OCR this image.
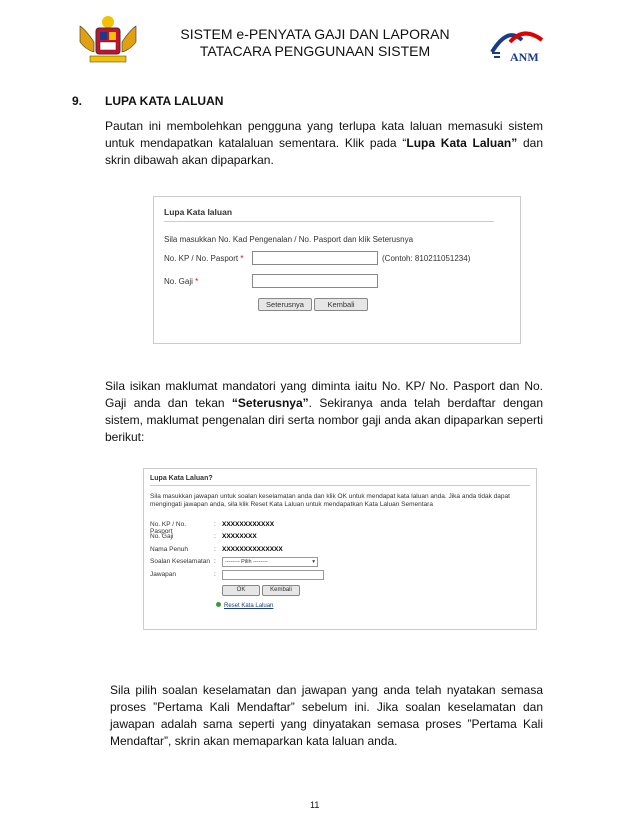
SISTEM e-PENYATA GAJI DAN LAPORAN
TATACARA PENGGUNAAN SISTEM	ANM
9. LUPA KATA LALUAN
Pautan ini membolehkan pengguna yang terlupa kata laluan memasuki sistem untuk mendapatkan katalaluan sementara. Klik pada “Lupa Kata Laluan” dan skrin dibawah akan dipaparkan.
Lupa Kata laluan
Sila masukkan No. Kad Pengenalan / No. Pasport dan klik Seterusnya
No. KP / No. Pasport *	(Contoh: 810211051234)
No. Gaji *
Seterusnya	Kembali
Sila isikan maklumat mandatori yang diminta iaitu No. KP/ No. Pasport dan No. Gaji anda dan tekan “Seterusnya”. Sekiranya anda telah berdaftar dengan sistem, maklumat pengenalan diri serta nombor gaji anda akan dipaparkan seperti berikut:
Lupa Kata Laluan?
Sila masukkan jawapan untuk soalan keselamatan anda dan klik OK untuk mendapat kata laluan anda. Jika anda tidak dapat mengingati jawapan anda, sila klik Reset Kata Laluan untuk mendapatkan Kata Laluan Sementara
No. KP / No. Pasport
: XXXXXXXXXXXX
No. Gaji	: XXXXXXXX
Nama Penuh	: XXXXXXXXXXXXXX
Soalan Keselamatan :	-------- Pilih --------	▾
Jawapan	:
OK	Kembali
Reset Kata Laluan
Sila pilih soalan keselamatan dan jawapan yang anda telah nyatakan semasa proses ”Pertama Kali Mendaftar” sebelum ini. Jika soalan keselamatan dan jawapan adalah sama seperti yang dinyatakan semasa proses ”Pertama Kali Mendaftar”, skrin akan memaparkan kata laluan anda.
11
